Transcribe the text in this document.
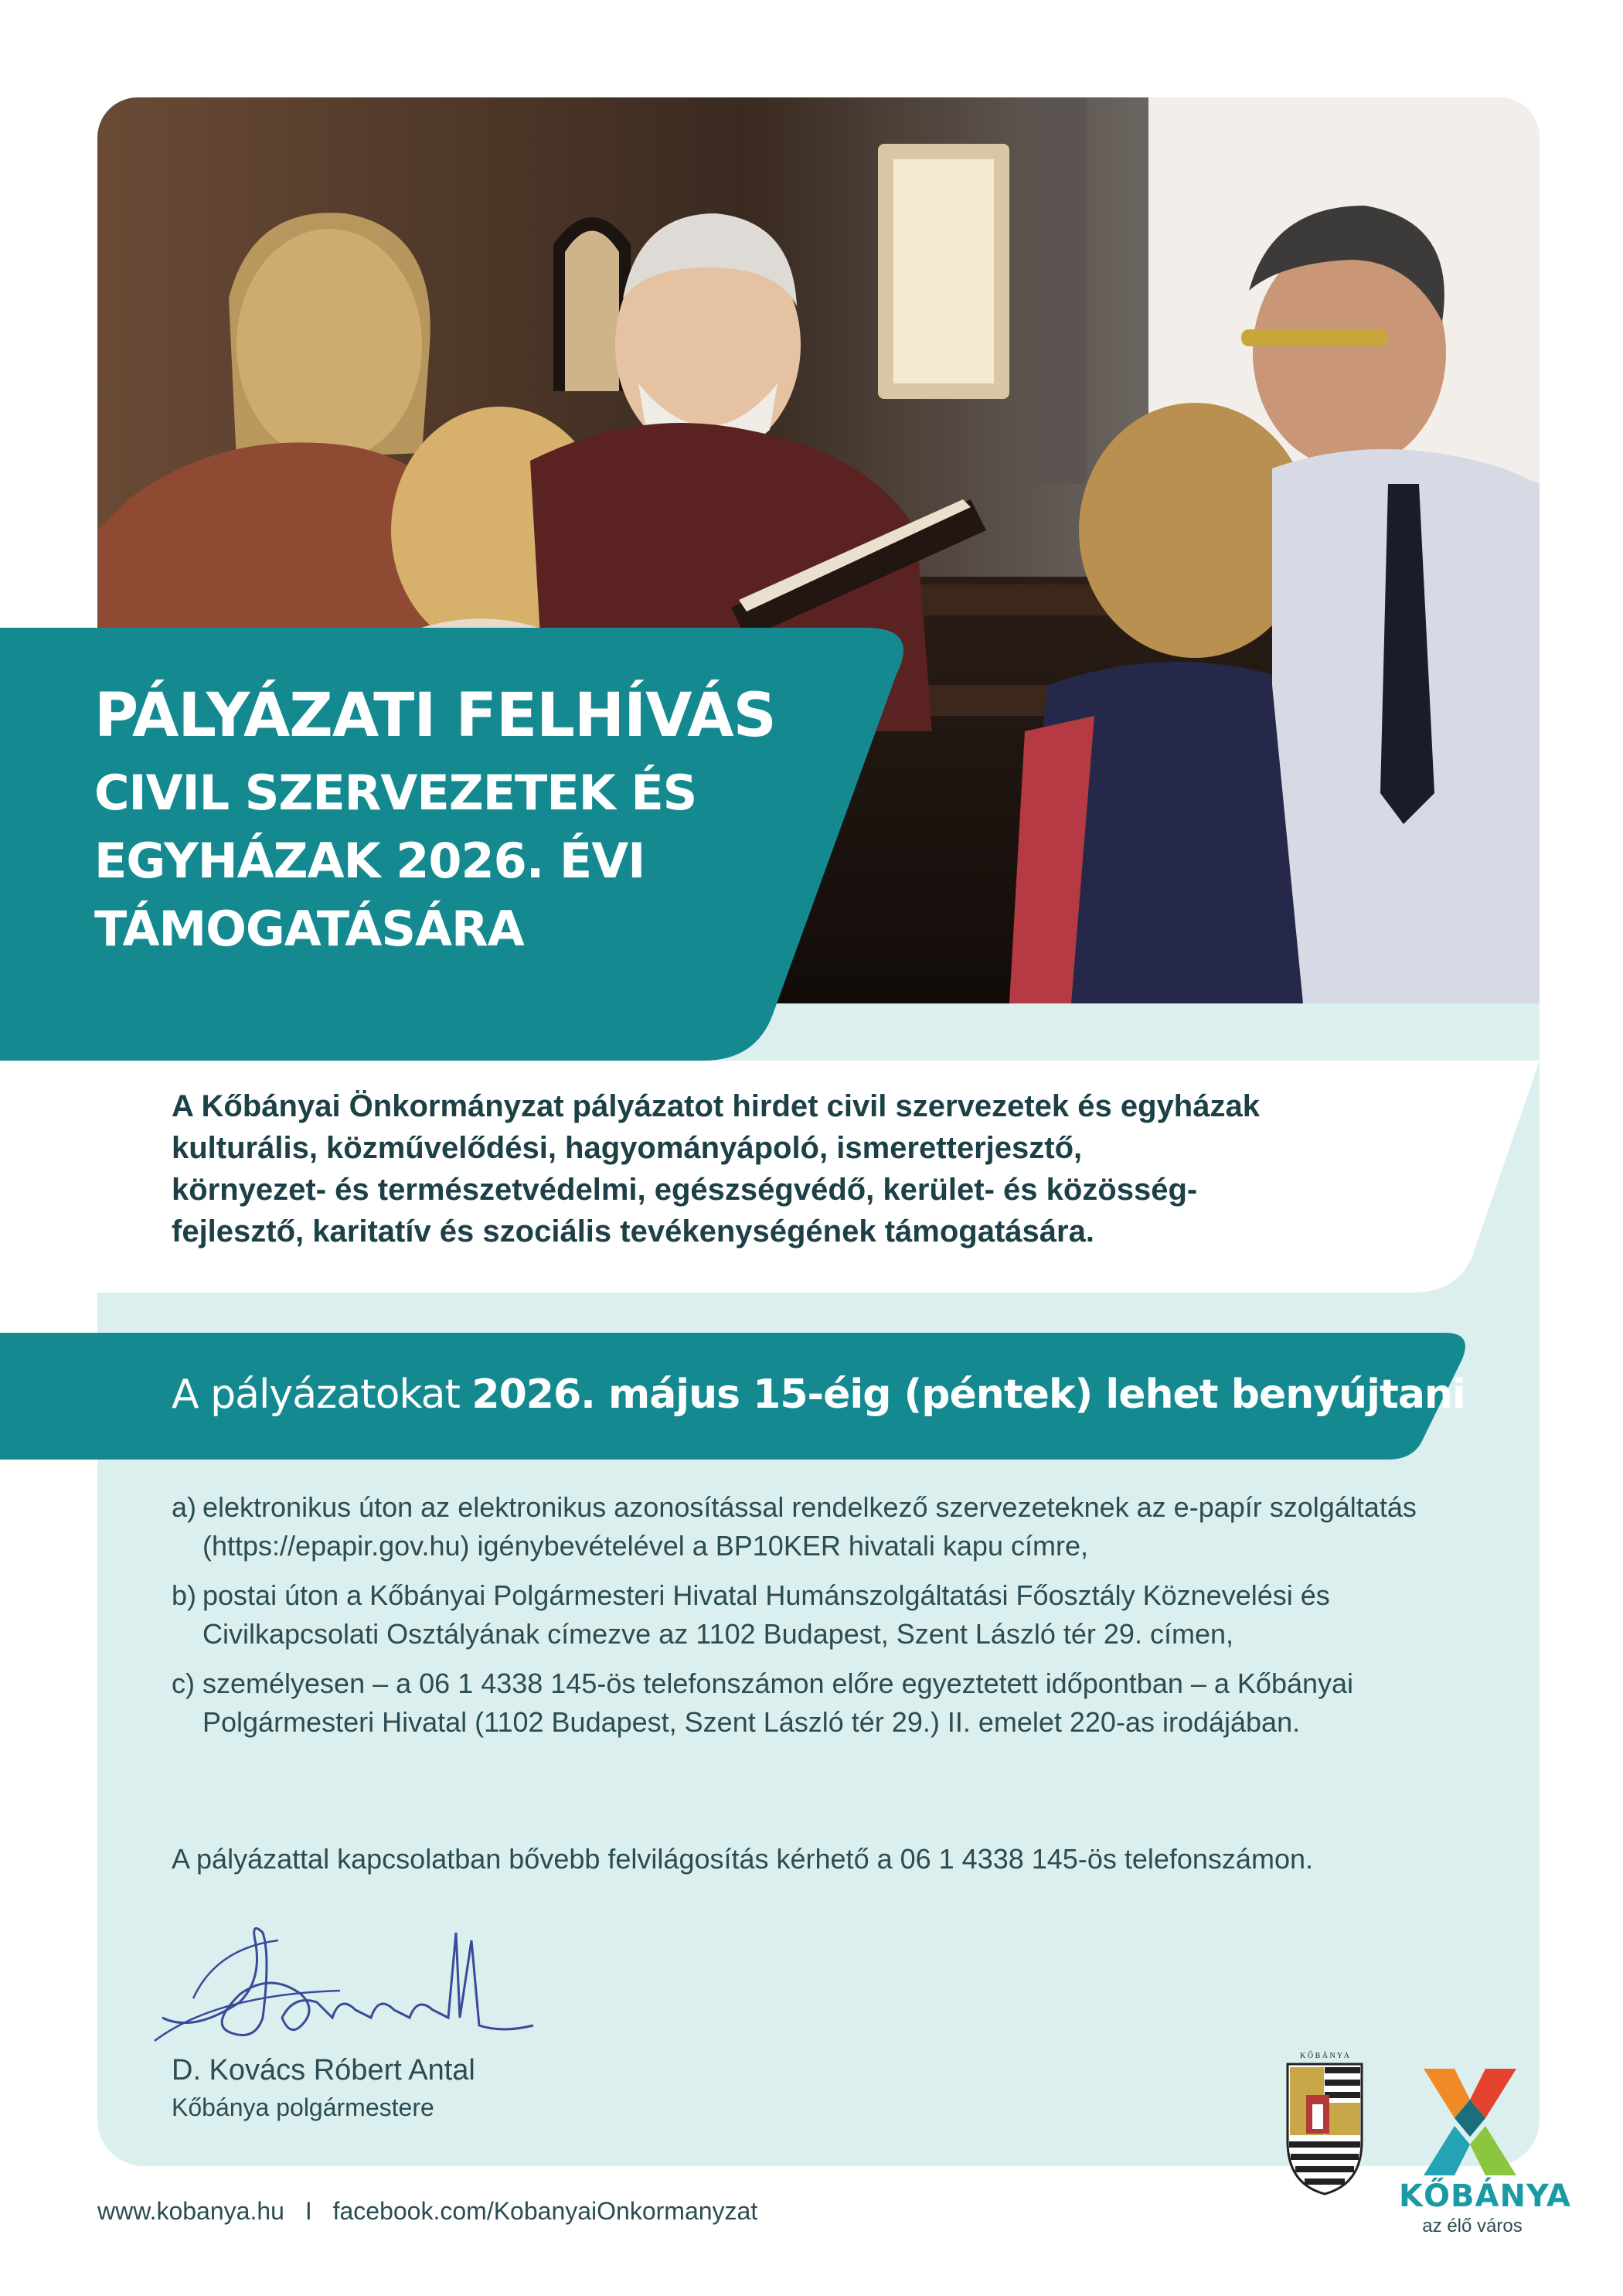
PÁLYÁZATI FELHÍVÁS
CIVIL SZERVEZETEK ÉS
EGYHÁZAK 2026. ÉVI
TÁMOGATÁSÁRA
A Kőbányai Önkormányzat pályázatot hirdet civil szervezetek és egyházak
kulturális, közművelődési, hagyományápoló, ismeretterjesztő,
környezet- és természetvédelmi, egészségvédő, kerület- és közösség-
fejlesztő, karitatív és szociális tevékenységének támogatására.
A pályázatokat 2026. május 15-éig (péntek) lehet benyújtani
a) elektronikus úton az elektronikus azonosítással rendelkező szervezeteknek az e-papír szolgáltatás (https://epapir.gov.hu) igénybevételével a BP10KER hivatali kapu címre,
b) postai úton a Kőbányai Polgármesteri Hivatal Humánszolgáltatási Főosztály Köznevelési és Civilkapcsolati Osztályának címezve az 1102 Budapest, Szent László tér 29. címen,
c) személyesen – a 06 1 4338 145-ös telefonszámon előre egyeztetett időpontban – a Kőbányai Polgármesteri Hivatal (1102 Budapest, Szent László tér 29.) II. emelet 220-as irodájában.
A pályázattal kapcsolatban bővebb felvilágosítás kérhető a 06 1 4338 145-ös telefonszámon.
D. Kovács Róbert Antal
Kőbánya polgármestere
K Ő B Á N Y A
KŐBÁNYA
az élő város
www.kobanya.hu I facebook.com/KobanyaiOnkormanyzat
